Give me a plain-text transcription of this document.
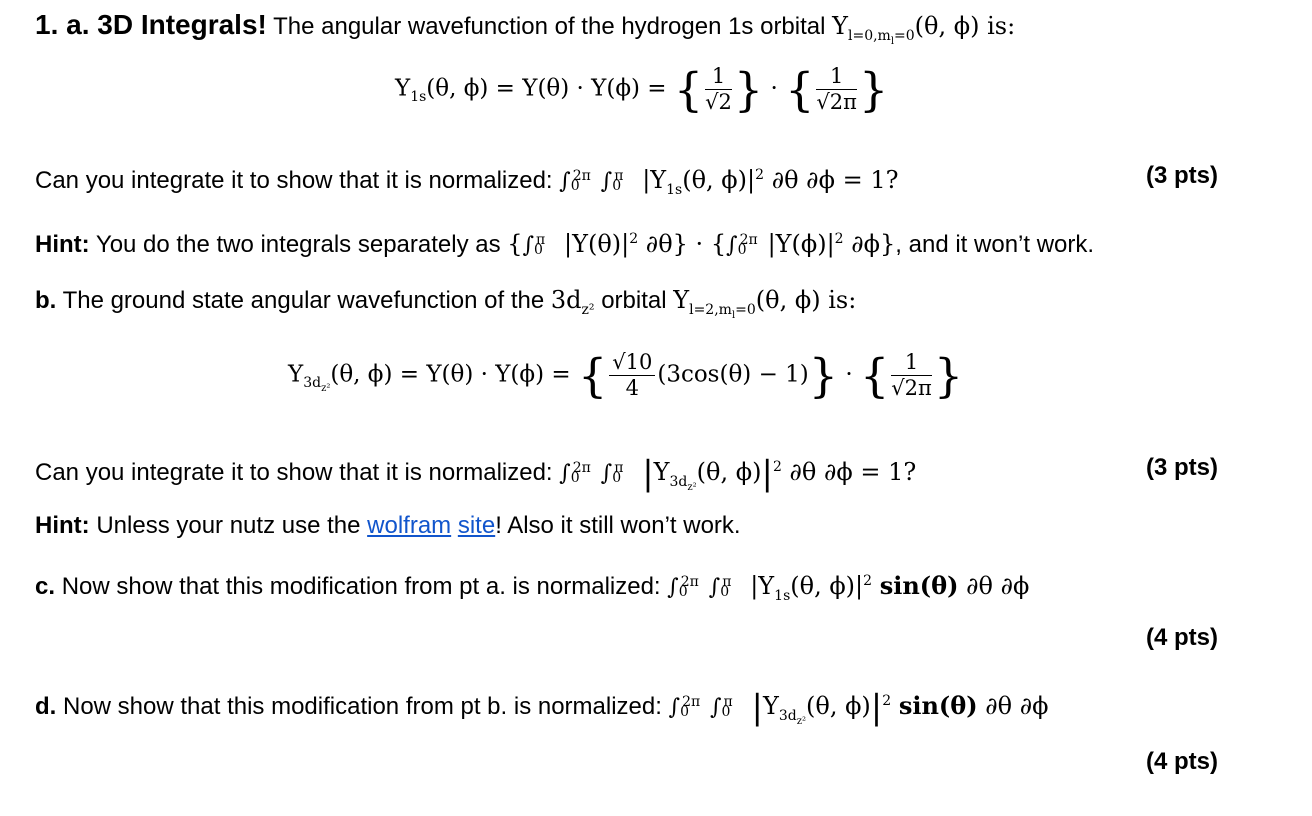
1. a. 3D Integrals! The angular wavefunction of the hydrogen 1s orbital $Y_{l=0,m_l=0}(\theta$, ϕ) is:
$Y_{1s}(\theta$, ϕ) = Y(θ) · Y(ϕ) = { $\frac{1}{√2}$ } · { $\frac{1}{√2\pi}$ }
Can you integrate it to show that it is normalized: ∫ 2π
0 ∫ π
0 $|Y_{1s}(\theta$, $\phi)|^2$ ∂θ ∂ϕ = 1?	(3 pts)
Hint: You do the two integrals separately as {∫ π
0 $|Y(\theta)|^2$ ∂θ} · {∫ 2π
0 $|Y(\phi)|^2$ ∂ϕ}, and it won’t work.
b. The ground state angular wavefunction of the $3d_{z^2}$ orbital $Y_{l=2,m_l=0}(\theta$, ϕ) is:
$Y_{3d_{z^2}}(\theta$, ϕ) = Y(θ) · Y(ϕ) = { $\frac{√10}{4} (3\cos(\theta) - 1)$} · { $\frac{1}{√2\pi}$ }
Can you integrate it to show that it is normalized: ∫ 2π
0 ∫ π
0 $|Y_{3d_{z^2}}(\theta$, $\phi)|^2$ ∂θ ∂ϕ = 1?	(3 pts)
Hint: Unless your nutz use the wolfram site! Also it still won’t work.
c. Now show that this modification from pt a. is normalized: ∫ 2π
0 ∫ π
0 $|Y_{1s}(\theta$, $\phi)|^2$ sin(θ) ∂θ ∂ϕ
(4 pts)
d. Now show that this modification from pt b. is normalized: ∫ 2π
0 ∫ π
0 $|Y_{3d_{z^2}}(\theta$, $\phi)|^2$ sin(θ) ∂θ ∂ϕ
(4 pts)
